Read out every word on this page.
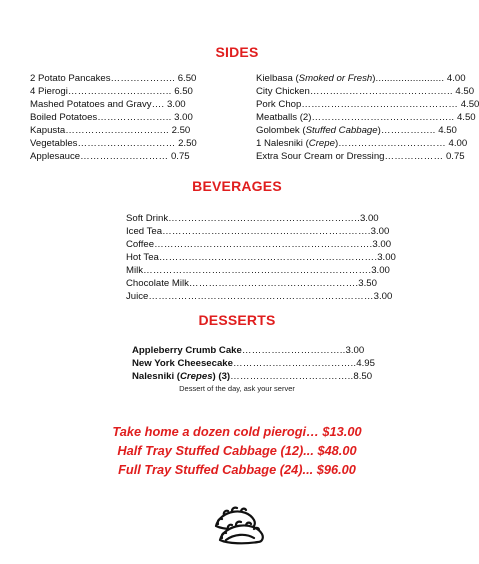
SIDES
2 Potato Pancakes……………….. 6.50
4 Pierogi………………………….. 6.50
Mashed Potatoes and Gravy…. 3.00
Boiled Potatoes………………….. 3.00
Kapusta………………………….. 2.50
Vegetables………………………… 2.50
Applesauce……………………… 0.75
Kielbasa (Smoked or Fresh)........................ 4.00
City Chicken…………………………………….. 4.50
Pork Chop………………………………………… 4.50
Meatballs (2)…………………………………….. 4.50
Golombek (Stuffed Cabbage)…………….. 4.50
1 Nalesniki (Crepe)…………………………… 4.00
Extra Sour Cream or Dressing……………… 0.75
BEVERAGES
Soft Drink…………………………………………………..3.00
Iced Tea……………………………………………………….3.00
Coffee………………………………………………………….3.00
Hot Tea………………………………………………………….3.00
Milk…………………………………………………………….3.00
Chocolate Milk…………………………………………….3.50
Juice……………………………………………………………3.00
DESSERTS
Appleberry Crumb Cake…………………………..3.00
New York Cheesecake………………………………..4.95
Nalesniki (Crepes) (3)………………………………..8.50
Dessert of the day, ask your server
Take home a dozen cold pierogi… $13.00
Half Tray Stuffed Cabbage (12)... $48.00
Full Tray Stuffed Cabbage (24)... $96.00
